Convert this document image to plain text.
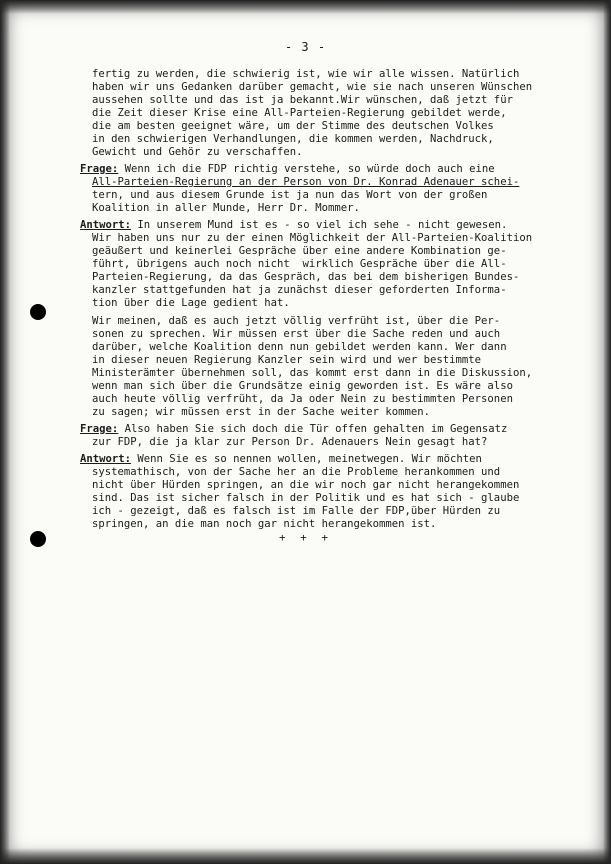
- 3 -
fertig zu werden, die schwierig ist, wie wir alle wissen. Natürlich
haben wir uns Gedanken darüber gemacht, wie sie nach unseren Wünschen
aussehen sollte und das ist ja bekannt.Wir wünschen, daß jetzt für
die Zeit dieser Krise eine All-Parteien-Regierung gebildet werde,
die am besten geeignet wäre, um der Stimme des deutschen Volkes
in den schwierigen Verhandlungen, die kommen werden, Nachdruck,
Gewicht und Gehör zu verschaffen.
Frage: Wenn ich die FDP richtig verstehe, so würde doch auch eine
All-Parteien-Regierung an der Person von Dr. Konrad Adenauer schei-
tern, und aus diesem Grunde ist ja nun das Wort von der großen
Koalition in aller Munde, Herr Dr. Mommer.
Antwort: In unserem Mund ist es - so viel ich sehe - nicht gewesen.
Wir haben uns nur zu der einen Möglichkeit der All-Parteien-Koalition
geäußert und keinerlei Gespräche über eine andere Kombination ge-
führt, übrigens auch noch nicht  wirklich Gespräche über die All-
Parteien-Regierung, da das Gespräch, das bei dem bisherigen Bundes-
kanzler stattgefunden hat ja zunächst dieser geforderten Informa-
tion über die Lage gedient hat.
Wir meinen, daß es auch jetzt völlig verfrüht ist, über die Per-
sonen zu sprechen. Wir müssen erst über die Sache reden und auch
darüber, welche Koalition denn nun gebildet werden kann. Wer dann
in dieser neuen Regierung Kanzler sein wird und wer bestimmte
Ministerämter übernehmen soll, das kommt erst dann in die Diskussion,
wenn man sich über die Grundsätze einig geworden ist. Es wäre also
auch heute völlig verfrüht, da Ja oder Nein zu bestimmten Personen
zu sagen; wir müssen erst in der Sache weiter kommen.
Frage: Also haben Sie sich doch die Tür offen gehalten im Gegensatz
zur FDP, die ja klar zur Person Dr. Adenauers Nein gesagt hat?
Antwort: Wenn Sie es so nennen wollen, meinetwegen. Wir möchten
systemathisch, von der Sache her an die Probleme herankommen und
nicht über Hürden springen, an die wir noch gar nicht herangekommen
sind. Das ist sicher falsch in der Politik und es hat sich - glaube
ich - gezeigt, daß es falsch ist im Falle der FDP,über Hürden zu
springen, an die man noch gar nicht herangekommen ist.
+ + +
